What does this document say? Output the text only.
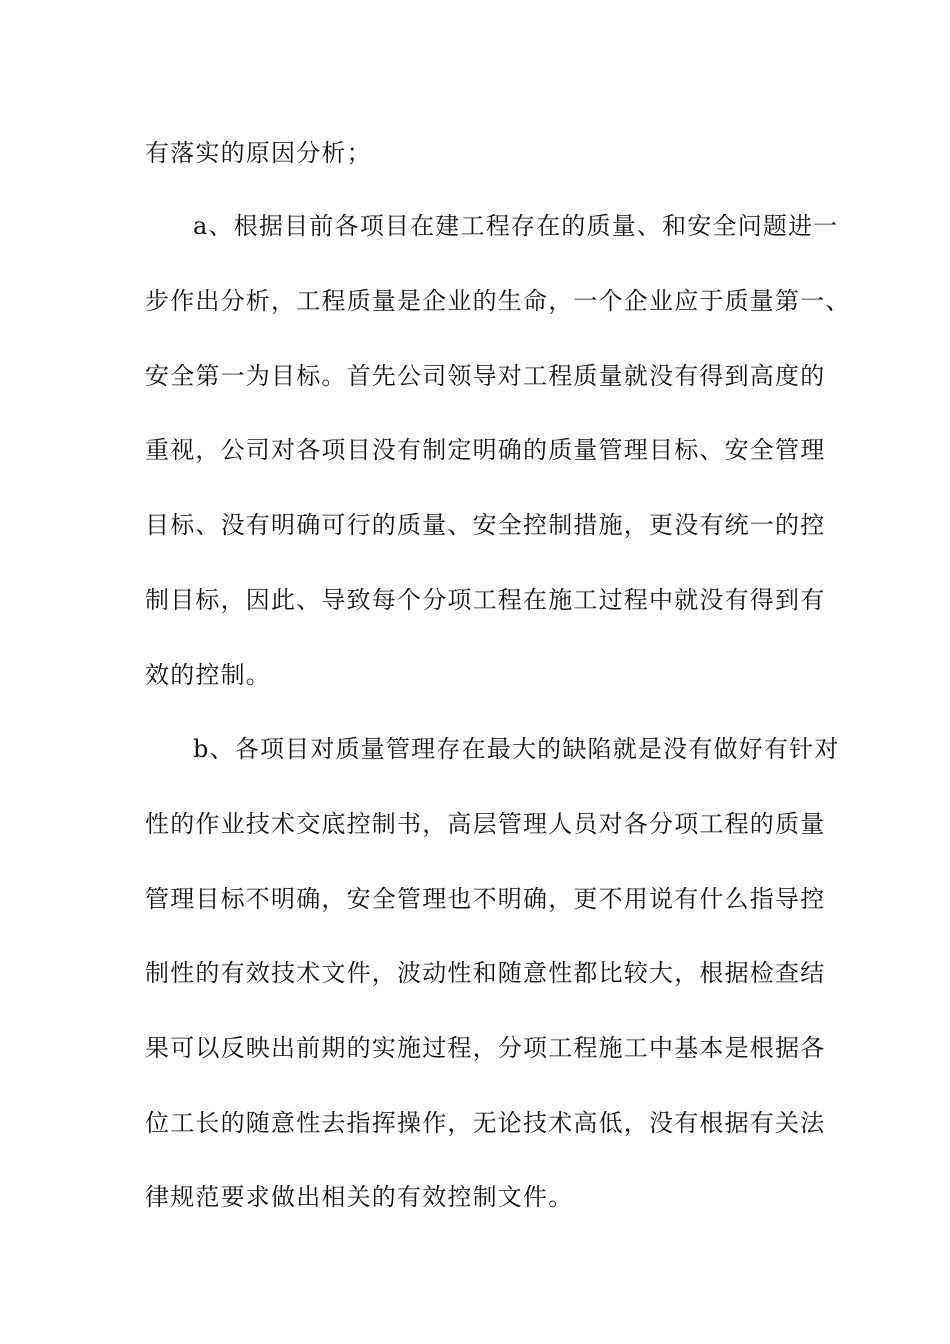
有落实的原因分析；
a、根据目前各项目在建工程存在的质量、和安全问题进一
步作出分析，工程质量是企业的生命，一个企业应于质量第一、
安全第一为目标。首先公司领导对工程质量就没有得到高度的
重视，公司对各项目没有制定明确的质量管理目标、安全管理
目标、没有明确可行的质量、安全控制措施，更没有统一的控
制目标，因此、导致每个分项工程在施工过程中就没有得到有
效的控制。
b、各项目对质量管理存在最大的缺陷就是没有做好有针对
性的作业技术交底控制书，高层管理人员对各分项工程的质量
管理目标不明确，安全管理也不明确，更不用说有什么指导控
制性的有效技术文件，波动性和随意性都比较大，根据检查结
果可以反映出前期的实施过程，分项工程施工中基本是根据各
位工长的随意性去指挥操作，无论技术高低，没有根据有关法
律规范要求做出相关的有效控制文件。
